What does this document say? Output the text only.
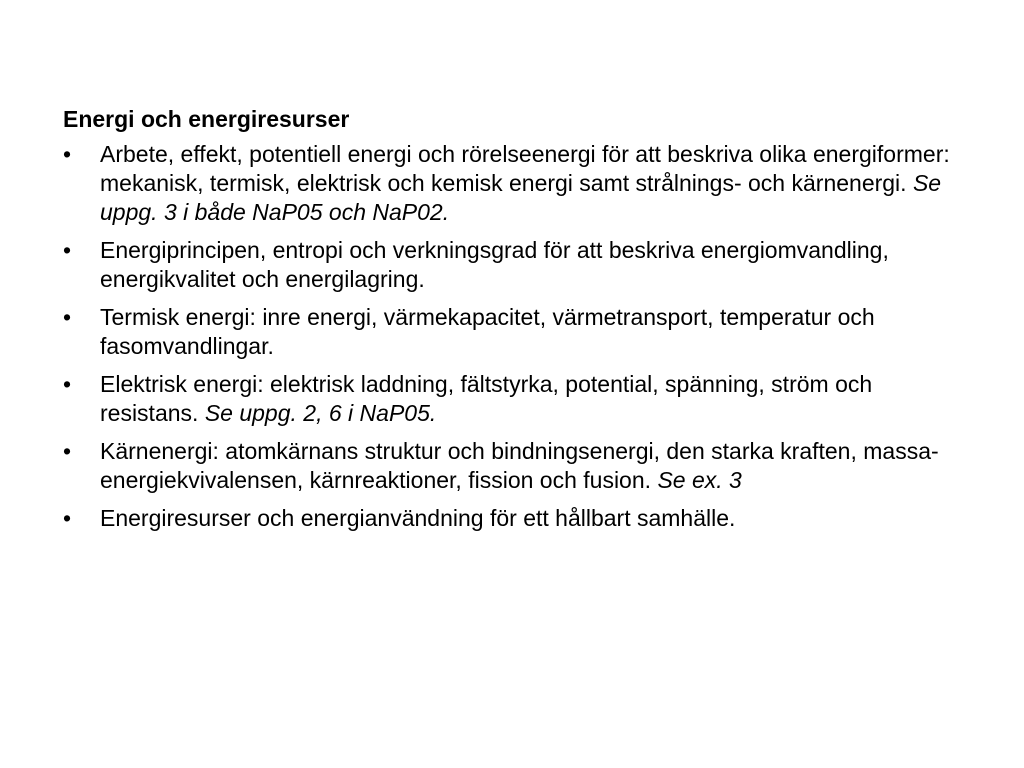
Energi och energiresurser
• Arbete, effekt, potentiell energi och rörelseenergi för att beskriva olika energiformer: mekanisk, termisk, elektrisk och kemisk energi samt strålnings- och kärnenergi. Se uppg. 3 i både NaP05 och NaP02.
• Energiprincipen, entropi och verkningsgrad för att beskriva energiomvandling, energikvalitet och energilagring.
• Termisk energi: inre energi, värmekapacitet, värmetransport, temperatur och fasomvandlingar.
• Elektrisk energi: elektrisk laddning, fältstyrka, potential, spänning, ström och resistans. Se uppg. 2, 6 i NaP05.
• Kärnenergi: atomkärnans struktur och bindningsenergi, den starka kraften, massa-energiekvivalensen, kärnreaktioner, fission och fusion. Se ex. 3
• Energiresurser och energianvändning för ett hållbart samhälle.
